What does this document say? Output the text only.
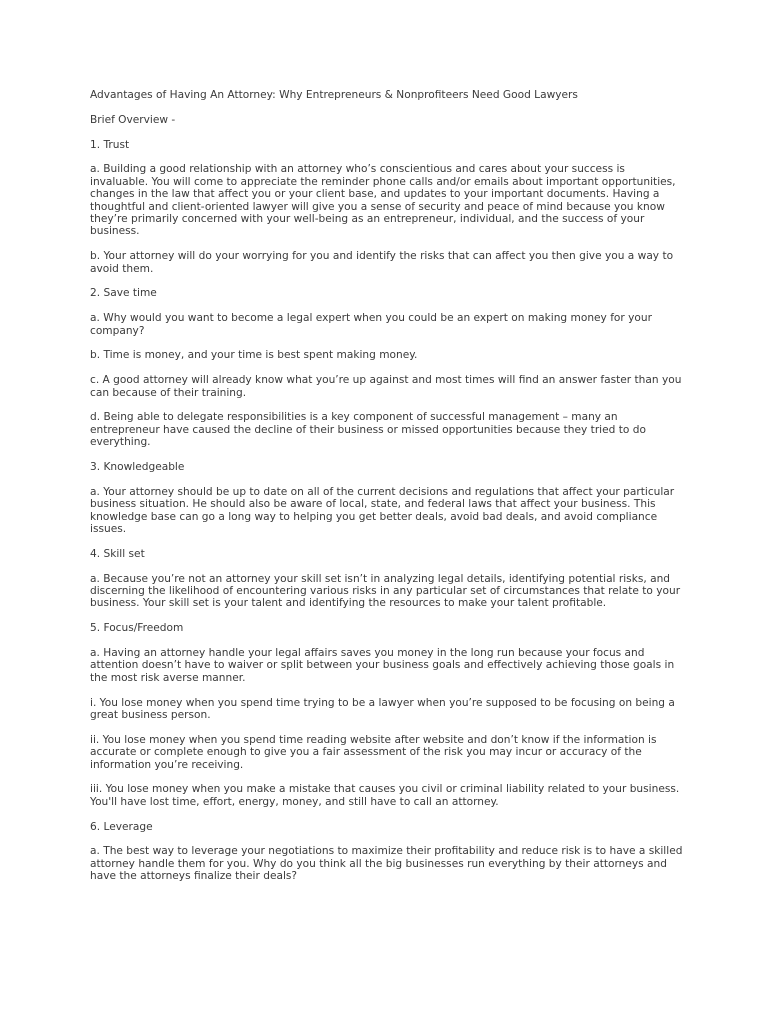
Advantages of Having An Attorney: Why Entrepreneurs & Nonprofiteers Need Good Lawyers

Brief Overview -

1. Trust

a. Building a good relationship with an attorney who’s conscientious and cares about your success is invaluable. You will come to appreciate the reminder phone calls and/or emails about important opportunities, changes in the law that affect you or your client base, and updates to your important documents. Having a thoughtful and client-oriented lawyer will give you a sense of security and peace of mind because you know they’re primarily concerned with your well-being as an entrepreneur, individual, and the success of your business.

b. Your attorney will do your worrying for you and identify the risks that can affect you then give you a way to avoid them.

2. Save time

a. Why would you want to become a legal expert when you could be an expert on making money for your company?

b. Time is money, and your time is best spent making money.

c. A good attorney will already know what you’re up against and most times will find an answer faster than you can because of their training.

d. Being able to delegate responsibilities is a key component of successful management – many an entrepreneur have caused the decline of their business or missed opportunities because they tried to do everything.

3. Knowledgeable

a. Your attorney should be up to date on all of the current decisions and regulations that affect your particular business situation. He should also be aware of local, state, and federal laws that affect your business. This knowledge base can go a long way to helping you get better deals, avoid bad deals, and avoid compliance issues.

4. Skill set

a. Because you’re not an attorney your skill set isn’t in analyzing legal details, identifying potential risks, and discerning the likelihood of encountering various risks in any particular set of circumstances that relate to your business. Your skill set is your talent and identifying the resources to make your talent profitable.

5. Focus/Freedom

a. Having an attorney handle your legal affairs saves you money in the long run because your focus and attention doesn’t have to waiver or split between your business goals and effectively achieving those goals in the most risk averse manner.

i. You lose money when you spend time trying to be a lawyer when you’re supposed to be focusing on being a great business person.

ii. You lose money when you spend time reading website after website and don’t know if the information is accurate or complete enough to give you a fair assessment of the risk you may incur or accuracy of the information you’re receiving.

iii. You lose money when you make a mistake that causes you civil or criminal liability related to your business. You'll have lost time, effort, energy, money, and still have to call an attorney.

6. Leverage

a. The best way to leverage your negotiations to maximize their profitability and reduce risk is to have a skilled attorney handle them for you. Why do you think all the big businesses run everything by their attorneys and have the attorneys finalize their deals?
